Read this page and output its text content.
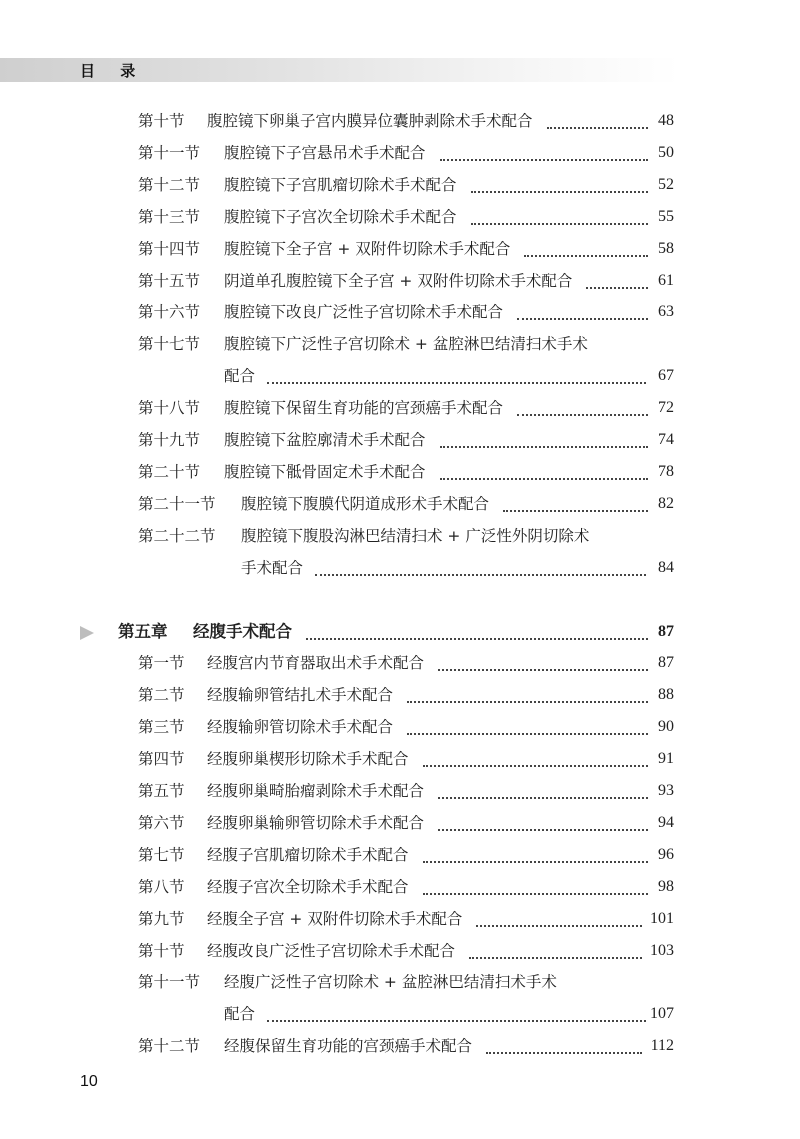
目 录
第十节 腹腔镜下卵巢子宫内膜异位囊肿剥除术手术配合	48
第十一节 腹腔镜下子宫悬吊术手术配合	50
第十二节 腹腔镜下子宫肌瘤切除术手术配合	52
第十三节 腹腔镜下子宫次全切除术手术配合	55
第十四节 腹腔镜下全子宫 + 双附件切除术手术配合	58
第十五节 阴道单孔腹腔镜下全子宫 + 双附件切除术手术配合	61
第十六节 腹腔镜下改良广泛性子宫切除术手术配合	63
第十七节 腹腔镜下广泛性子宫切除术 + 盆腔淋巴结清扫术手术
配合	67
第十八节 腹腔镜下保留生育功能的宫颈癌手术配合	72
第十九节 腹腔镜下盆腔廓清术手术配合	74
第二十节 腹腔镜下骶骨固定术手术配合	78
第二十一节 腹腔镜下腹膜代阴道成形术手术配合	82
第二十二节 腹腔镜下腹股沟淋巴结清扫术 + 广泛性外阴切除术
手术配合	84
第五章 经腹手术配合	87
第一节 经腹宫内节育器取出术手术配合	87
第二节 经腹输卵管结扎术手术配合	88
第三节 经腹输卵管切除术手术配合	90
第四节 经腹卵巢楔形切除术手术配合	91
第五节 经腹卵巢畸胎瘤剥除术手术配合	93
第六节 经腹卵巢输卵管切除术手术配合	94
第七节 经腹子宫肌瘤切除术手术配合	96
第八节 经腹子宫次全切除术手术配合	98
第九节 经腹全子宫 + 双附件切除术手术配合	101
第十节 经腹改良广泛性子宫切除术手术配合	103
第十一节 经腹广泛性子宫切除术 + 盆腔淋巴结清扫术手术
配合	107
第十二节 经腹保留生育功能的宫颈癌手术配合	112
10
